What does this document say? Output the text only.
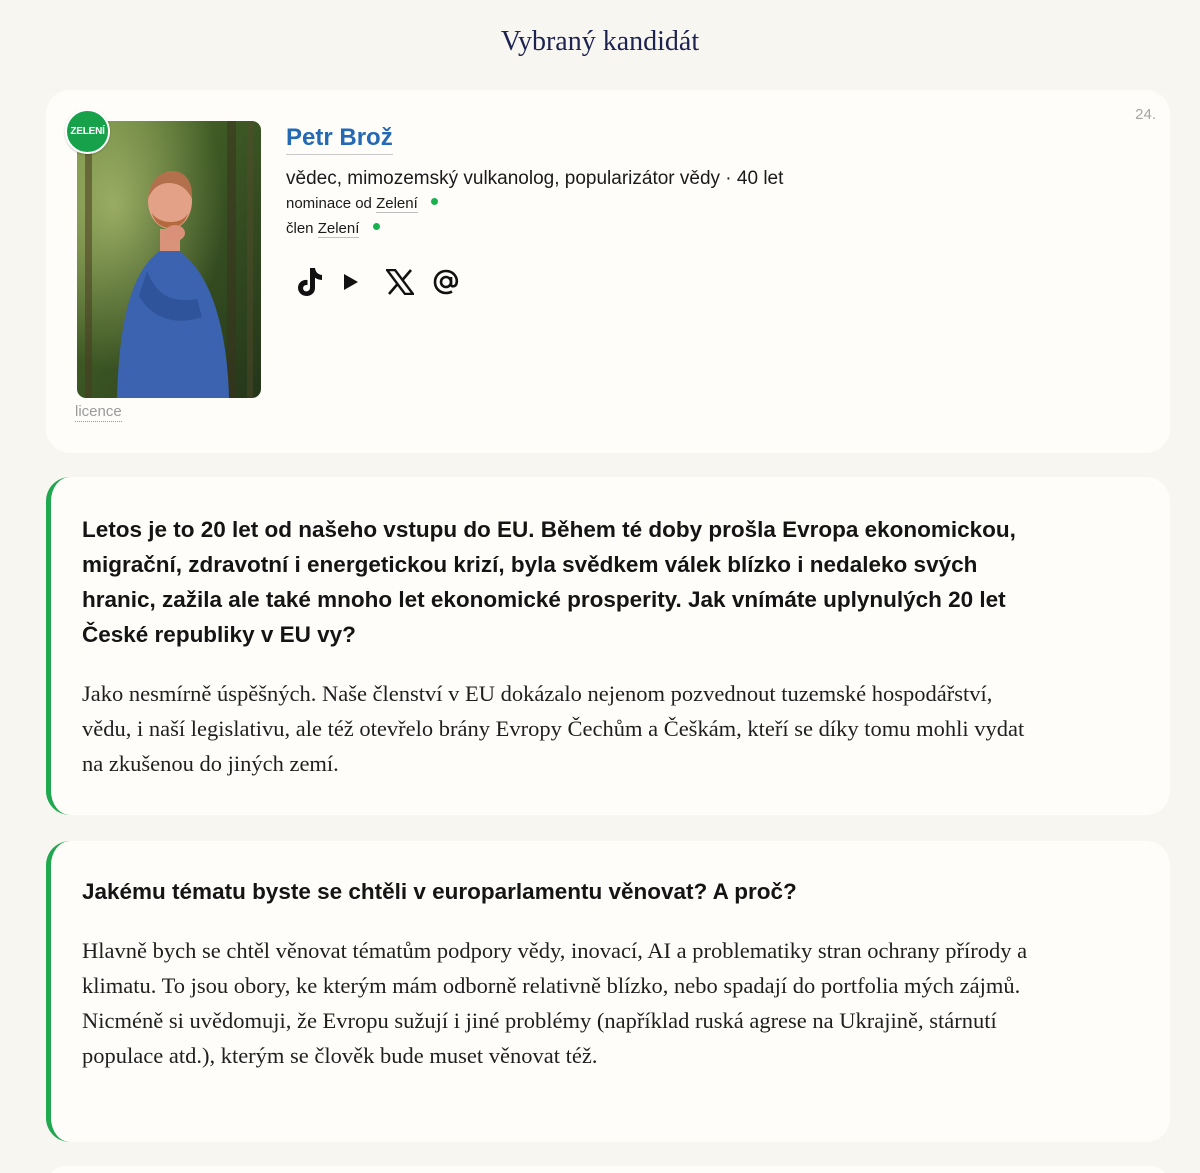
Vybraný kandidát
24.
ZELENÍ
licence
Petr Brož
vědec, mimozemský vulkanolog, popularizátor vědy · 40 let
nominace od Zelení
člen Zelení
Letos je to 20 let od našeho vstupu do EU. Během té doby prošla Evropa ekonomickou, migrační, zdravotní i energetickou krizí, byla svědkem válek blízko i nedaleko svých hranic, zažila ale také mnoho let ekonomické prosperity. Jak vnímáte uplynulých 20 let České republiky v EU vy?
Jako nesmírně úspěšných. Naše členství v EU dokázalo nejenom pozvednout tuzemské hospodářství, vědu, i naší legislativu, ale též otevřelo brány Evropy Čechům a Češkám, kteří se díky tomu mohli vydat na zkušenou do jiných zemí.
Jakému tématu byste se chtěli v europarlamentu věnovat? A proč?
Hlavně bych se chtěl věnovat tématům podpory vědy, inovací, AI a problematiky stran ochrany přírody a klimatu. To jsou obory, ke kterým mám odborně relativně blízko, nebo spadají do portfolia mých zájmů. Nicméně si uvědomuji, že Evropu sužují i jiné problémy (například ruská agrese na Ukrajině, stárnutí populace atd.), kterým se člověk bude muset věnovat též.
